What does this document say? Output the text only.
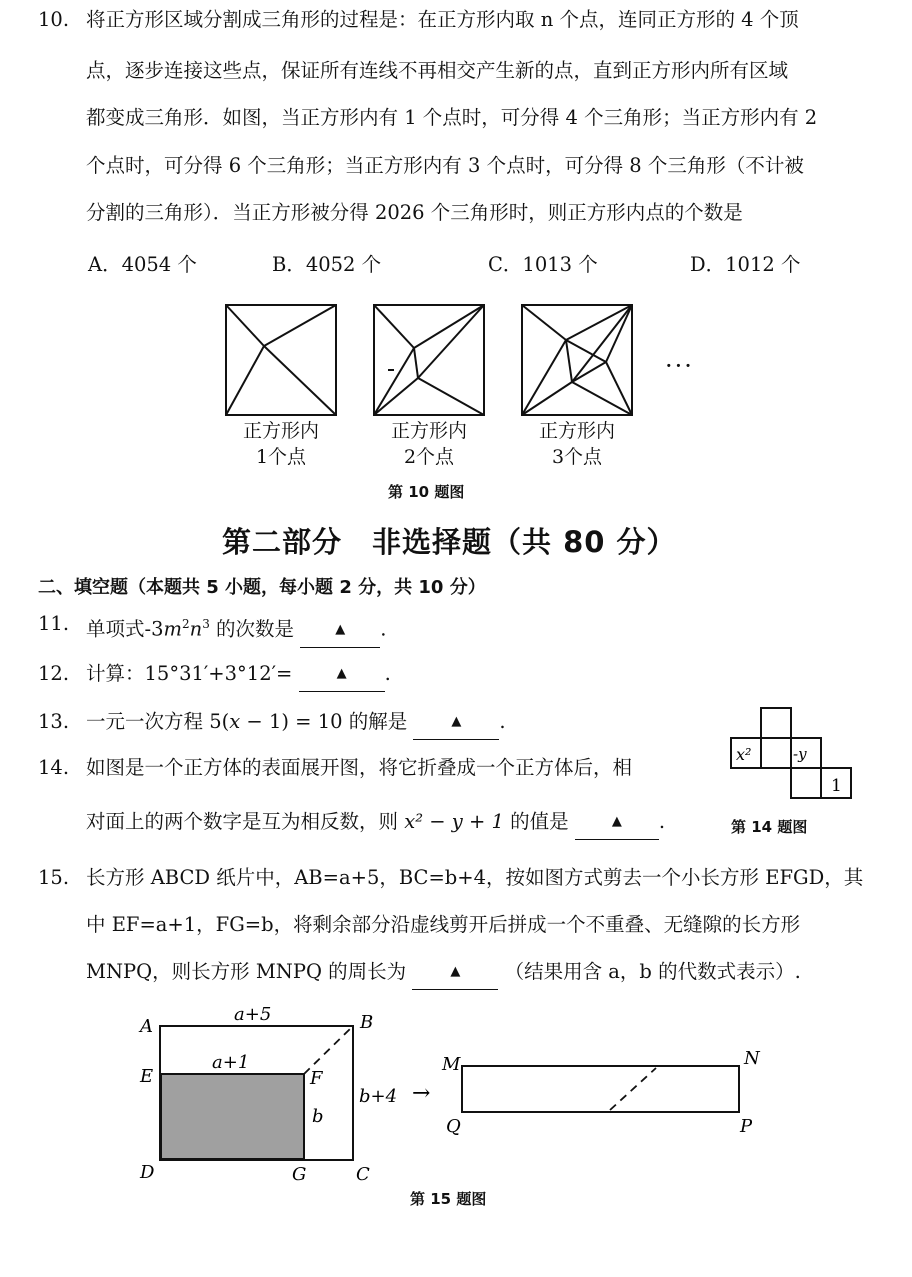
10. 将正方形区域分割成三角形的过程是：在正方形内取 n 个点，连同正方形的 4 个顶
点，逐步连接这些点，保证所有连线不再相交产生新的点，直到正方形内所有区域
都变成三角形．如图，当正方形内有 1 个点时，可分得 4 个三角形；当正方形内有 2
个点时，可分得 6 个三角形；当正方形内有 3 个点时，可分得 8 个三角形（不计被
分割的三角形）．当正方形被分得 2026 个三角形时，则正方形内点的个数是
A．4054 个	B．4052 个	C．1013 个	D．1012 个
···
正方形内
1个点
正方形内
2个点
正方形内
3个点
第 10 题图
第二部分　非选择题（共 80 分）
二、填空题（本题共 5 小题，每小题 2 分，共 10 分）
11. 单项式$-3m^2n^3$ 的次数是	▲ .
12. 计算：15°31′+3°12′=	▲ .
13. 一元一次方程 5(x − 1) = 10 的解是	▲ .
14. 如图是一个正方体的表面展开图，将它折叠成一个正方体后，相
对面上的两个数字是互为相反数，则 x² − y + 1 的值是	▲ .
x²	-y
1
第 14 题图
15. 长方形 ABCD 纸片中，AB=a+5，BC=b+4，按如图方式剪去一个小长方形 EFGD，其
中 EF=a+1，FG=b，将剩余部分沿虚线剪开后拼成一个不重叠、无缝隙的长方形
MNPQ，则长方形 MNPQ 的周长为	▲ （结果用含 a，b 的代数式表示）.
A	B
C
D
E	F
G
a+5
a+1
b+4
b
→
M	N
P
Q
第 15 题图
